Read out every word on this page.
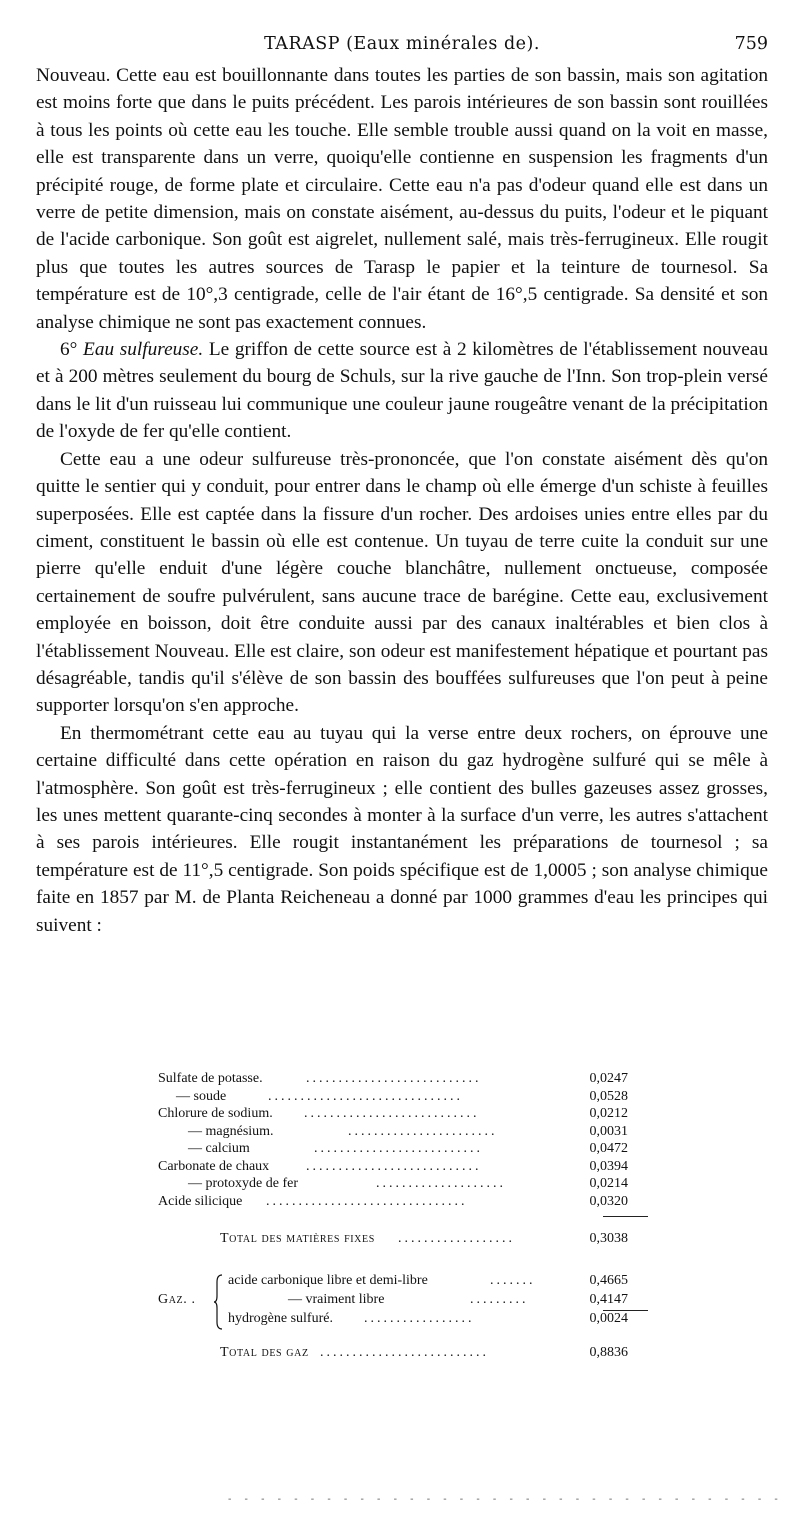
TARASP (Eaux minérales de).	759

Nouveau. Cette eau est bouillonnante dans toutes les parties de son bassin, mais son agitation est moins forte que dans le puits précédent. Les parois intérieures de son bassin sont rouillées à tous les points où cette eau les touche. Elle semble trouble aussi quand on la voit en masse, elle est transparente dans un verre, quoiqu'elle contienne en suspension les fragments d'un précipité rouge, de forme plate et circulaire. Cette eau n'a pas d'odeur quand elle est dans un verre de petite dimension, mais on constate aisément, au-dessus du puits, l'odeur et le piquant de l'acide carbonique. Son goût est aigrelet, nullement salé, mais très-ferrugineux. Elle rougit plus que toutes les autres sources de Tarasp le papier et la teinture de tournesol. Sa température est de 10°,3 centigrade, celle de l'air étant de 16°,5 centigrade. Sa densité et son analyse chimique ne sont pas exactement connues.

6° Eau sulfureuse. Le griffon de cette source est à 2 kilomètres de l'établissement nouveau et à 200 mètres seulement du bourg de Schuls, sur la rive gauche de l'Inn. Son trop-plein versé dans le lit d'un ruisseau lui communique une couleur jaune rougeâtre venant de la précipitation de l'oxyde de fer qu'elle contient.

Cette eau a une odeur sulfureuse très-prononcée, que l'on constate aisément dès qu'on quitte le sentier qui y conduit, pour entrer dans le champ où elle émerge d'un schiste à feuilles superposées. Elle est captée dans la fissure d'un rocher. Des ardoises unies entre elles par du ciment, constituent le bassin où elle est contenue. Un tuyau de terre cuite la conduit sur une pierre qu'elle enduit d'une légère couche blanchâtre, nullement onctueuse, composée certainement de soufre pulvérulent, sans aucune trace de barégine. Cette eau, exclusivement employée en boisson, doit être conduite aussi par des canaux inaltérables et bien clos à l'établissement Nouveau. Elle est claire, son odeur est manifestement hépatique et pourtant pas désagréable, tandis qu'il s'élève de son bassin des bouffées sulfureuses que l'on peut à peine supporter lorsqu'on s'en approche.

En thermométrant cette eau au tuyau qui la verse entre deux rochers, on éprouve une certaine difficulté dans cette opération en raison du gaz hydrogène sulfuré qui se mêle à l'atmosphère. Son goût est très-ferrugineux ; elle contient des bulles gazeuses assez grosses, les unes mettent quarante-cinq secondes à monter à la surface d'un verre, les autres s'attachent à ses parois intérieures. Elle rougit instantanément les préparations de tournesol ; sa température est de 11°,5 centigrade. Son poids spécifique est de 1,0005 ; son analyse chimique faite en 1857 par M. de Planta Reicheneau a donné par 1000 grammes d'eau les principes qui suivent :

Sulfate de potasse.	...........................	0,0247
— soude	..............................	0,0528
Chlorure de sodium. ...........................	0,0212
— magnésium.	.......................	0,0031
— calcium	..........................	0,0472
Carbonate de chaux	...........................	0,0394
— protoxyde de fer	....................	0,0214
Acide silicique ...............................	0,0320
Total des matières fixes ..................	0,3038
Gaz. .
acide carbonique libre et demi-libre	.......	0,4665
— vraiment libre	.........	0,4147
hydrogène sulfuré. .................	0,0024
Total des gaz ..........................	0,8836
- - - - - - - - - - - - - - - - - - - - - - - - - - - - - - - - - -
